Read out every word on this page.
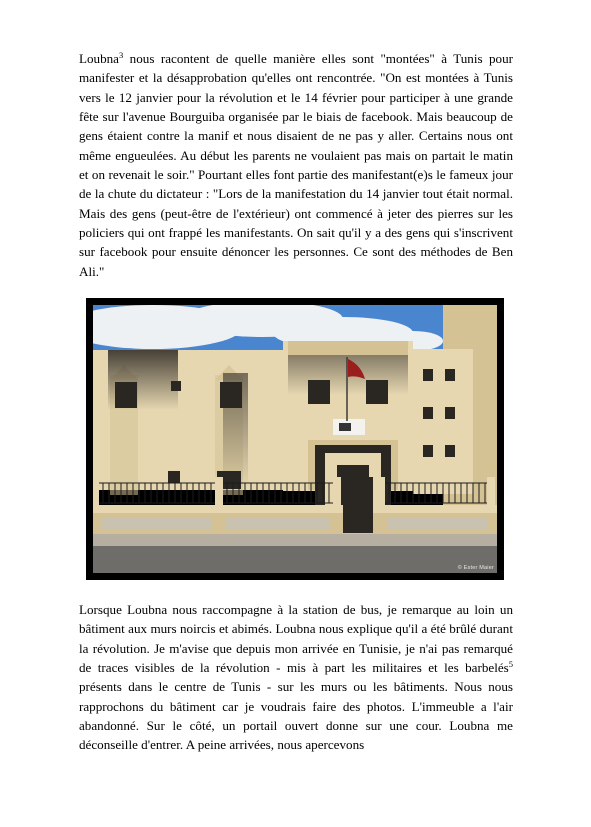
Loubna$^3$ nous racontent de quelle manière elles sont "montées" à Tunis pour manifester et la désapprobation qu'elles ont rencontrée. "On est montées à Tunis vers le 12 janvier pour la révolution et le 14 février pour participer à une grande fête sur l'avenue Bourguiba organisée par le biais de facebook. Mais beaucoup de gens étaient contre la manif et nous disaient de ne pas y aller. Certains nous ont même engueulées. Au début les parents ne voulaient pas mais on partait le matin et on revenait le soir." Pourtant elles font partie des manifestant(e)s le fameux jour de la chute du dictateur : "Lors de la manifestation du 14 janvier tout était normal. Mais des gens (peut-être de l'extérieur) ont commencé à jeter des pierres sur les policiers qui ont frappé les manifestants. On sait qu'il y a des gens qui s'inscrivent sur facebook pour ensuite dénoncer les personnes. Ce sont des méthodes de Ben Ali."

© Ester Maier

Lorsque Loubna nous raccompagne à la station de bus, je remarque au loin un bâtiment aux murs noircis et abimés. Loubna nous explique qu'il a été brûlé durant la révolution. Je m'avise que depuis mon arrivée en Tunisie, je n'ai pas remarqué de traces visibles de la révolution - mis à part les militaires et les barbelés$^5$ présents dans le centre de Tunis - sur les murs ou les bâtiments. Nous nous rapprochons du bâtiment car je voudrais faire des photos. L'immeuble a l'air abandonné. Sur le côté, un portail ouvert donne sur une cour. Loubna me déconseille d'entrer. A peine arrivées, nous apercevons
